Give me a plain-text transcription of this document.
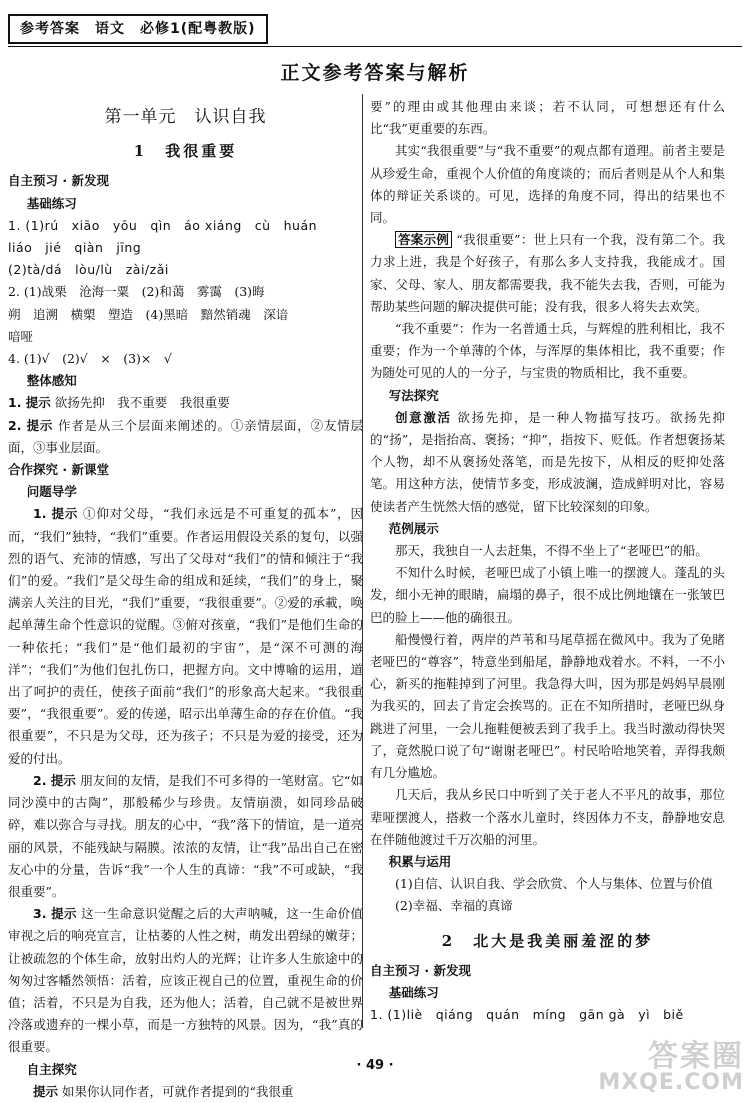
参考答案　语文　必修1(配粤教版)
正文参考答案与解析
第一单元　认识自我
1　我很重要
自主预习 · 新发现
基础练习

1. (1)rú　xiāo　yōu　qìn　áo xiáng　cù　huán

liáo　jié　qiàn　jīng

(2)tà/dá　lòu/lù　zài/zǎi

2. (1)战栗　沧海一粟　(2)和蔼　雾霭　(3)晦

朔　追溯　横槊　塑造　(4)黑暗　黯然销魂　深谙

喑哑

4. (1)√　(2)√　×　(3)×　√

整体感知

1. 提示 欲扬先抑　我不重要　我很重要

2. 提示 作者是从三个层面来阐述的。①亲情层面，②友情层面，③事业层面。

合作探究 · 新课堂
问题导学

1. 提示 ①仰对父母，“我们永远是不可重复的孤本”，因而，“我们”独特，“我们”重要。作者运用假设关系的复句，以强烈的语气、充沛的情感，写出了父母对“我们”的情和倾注于“我们”的爱。“我们”是父母生命的组成和延续，“我们”的身上，聚满亲人关注的目光，“我们”重要，“我很重要”。②爱的承載，唤起单薄生命个性意识的觉醒。③俯对孩童，“我们”是他们生命的一种依托；“我们”是“他们最初的宇宙”，是“深不可测的海洋”；“我们”为他们包扎伤口，把握方向。文中博喻的运用，道出了呵护的责任，使孩子面前“我们”的形象高大起来。“我很重要”，“我很重要”。爱的传递，昭示出单薄生命的存在价值。“我很重要”，不只是为父母，还为孩子；不只是为爱的接受，还为爱的付出。

2. 提示 朋友间的友情，是我们不可多得的一笔财富。它“如同沙漠中的古陶”，那般稀少与珍贵。友情崩溃，如同珍品破碎，难以弥合与寻找。朋友的心中，“我”落下的情谊，是一道亮丽的风景，不能残缺与隔膜。浓浓的友情，让“我”品出自己在密友心中的分量，告诉“我”一个人生的真谛：“我”不可或缺，“我很重要”。

3. 提示 这一生命意识觉醒之后的大声呐喊，这一生命价值审视之后的响亮宣言，让枯萎的人性之树，萌发出碧绿的嫩芽；让被疏忽的个体生命，放射出灼人的光辉；让许多人生旅途中的匆匆过客幡然领悟：活着，应该正视自己的位置，重视生命的价值；活着，不只是为自我，还为他人；活着，自己就不是被世界冷落或遗弃的一棵小草，而是一方独特的风景。因为，“我”真的很重要。

自主探究

提示 如果你认同作者，可就作者提到的“我很重

要”的理由或其他理由来谈；若不认同，可想想还有什么比“我”更重要的东西。

其实“我很重要”与“我不重要”的观点都有道理。前者主要是从珍爱生命，重视个人价值的角度谈的；而后者则是从个人和集体的辩证关系谈的。可见，选择的角度不同，得出的结果也不同。

答案示例 “我很重要”：世上只有一个我，没有第二个。我力求上进，我是个好孩子，有那么多人支持我，我能成才。国家、父母、家人、朋友都需要我，我不能失去我，否则，可能为帮助某些问题的解决提供可能；没有我，很多人将失去欢笑。

“我不重要”：作为一名普通士兵，与辉煌的胜利相比，我不重要；作为一个单薄的个体，与浑厚的集体相比，我不重要；作为随处可见的人的一分子，与宝贵的物质相比，我不重要。

写法探究

创意激活 欲扬先抑，是一种人物描写技巧。欲扬先抑的“扬”，是指抬高、褒扬；“抑”，指按下、贬低。作者想褒扬某个人物，却不从褒扬处落笔，而是先按下，从相反的贬抑处落笔。用这种方法，使情节多变，形成波澜，造成鲜明对比，容易使读者产生恍然大悟的感觉，留下比较深刻的印象。

范例展示

那天，我独自一人去赶集，不得不坐上了“老哑巴”的船。

不知什么时候，老哑巴成了小镇上唯一的摆渡人。蓬乱的头发，细小无神的眼睛，扁塌的鼻子，很不成比例地镶在一张皱巴巴的脸上——他的确很丑。

船慢慢行着，两岸的芦苇和马尾草摇在微风中。我为了免睹老哑巴的“尊容”，特意坐到船尾，静静地戏着水。不料，一不小心，新买的拖鞋掉到了河里。我急得大叫，因为那是妈妈早晨刚为我买的，回去了肯定会挨骂的。正在不知所措时，老哑巴纵身跳进了河里，一会儿拖鞋便被丢到了我手上。我当时激动得快哭了，竟然脱口说了句“谢谢老哑巴”。村民哈哈地笑着，弄得我颇有几分尴尬。

几天后，我从乡民口中听到了关于老人不平凡的故事，那位辈哑摆渡人，搭救一个落水儿童时，终因体力不支，静静地安息在伴随他渡过千万次船的河里。

积累与运用

(1)自信、认识自我、学会欣赏、个人与集体、位置与价值

(2)幸福、幸福的真谛

2　北大是我美丽羞涩的梦
自主预习 · 新发现
基础练习

1. (1)liè　qiáng　quán　míng　gān gà　yì　biě

· 49 ·	答案圈
MXQE.COM
